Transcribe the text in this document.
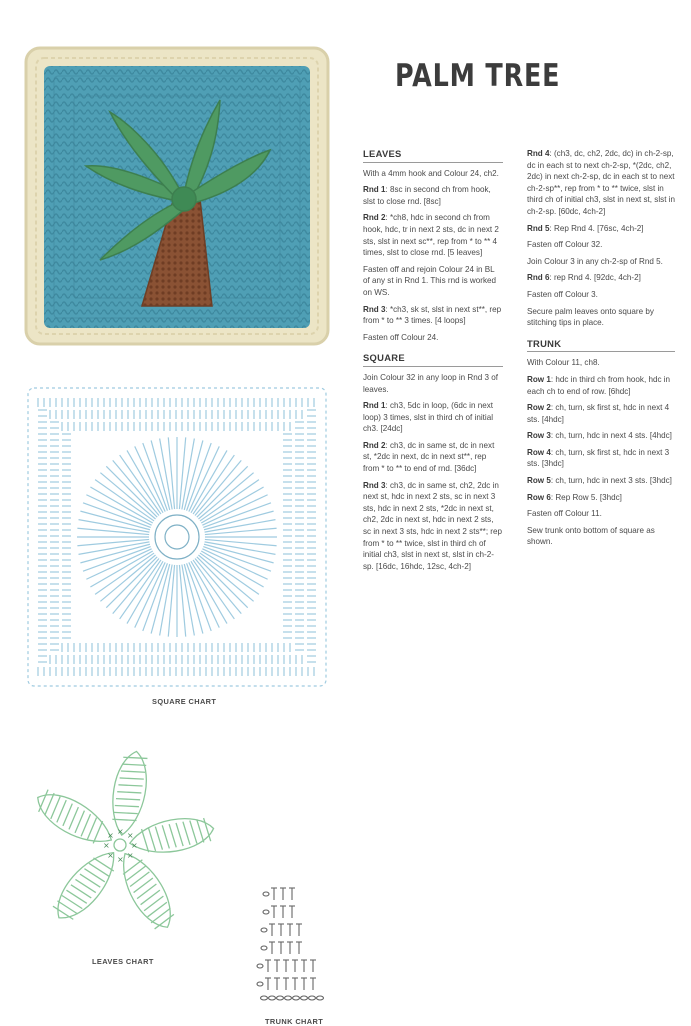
PALM TREE
SQUARE CHART
×
×
×
×
×
× × ×
LEAVES CHART
TRUNK CHART
LEAVES
With a 4mm hook and Colour 24, ch2.
Rnd 1: 8sc in second ch from hook, slst to close rnd. [8sc]
Rnd 2: *ch8, hdc in second ch from hook, hdc, tr in next 2 sts, dc in next 2 sts, slst in next sc**, rep from * to ** 4 times, slst to close rnd. [5 leaves]
Fasten off and rejoin Colour 24 in BL of any st in Rnd 1. This rnd is worked on WS.
Rnd 3: *ch3, sk st, slst in next st**, rep from * to ** 3 times. [4 loops]
Fasten off Colour 24.
SQUARE
Join Colour 32 in any loop in Rnd 3 of leaves.
Rnd 1: ch3, 5dc in loop, (6dc in next loop) 3 times, slst in third ch of initial ch3. [24dc]
Rnd 2: ch3, dc in same st, dc in next st, *2dc in next, dc in next st**, rep from * to ** to end of rnd. [36dc]
Rnd 3: ch3, dc in same st, ch2, 2dc in next st, hdc in next 2 sts, sc in next 3 sts, hdc in next 2 sts, *2dc in next st, ch2, 2dc in next st, hdc in next 2 sts, sc in next 3 sts, hdc in next 2 sts**; rep from * to ** twice, slst in third ch of initial ch3, slst in next st, slst in ch-2-sp. [16dc, 16hdc, 12sc, 4ch-2]
Rnd 4: (ch3, dc, ch2, 2dc, dc) in ch-2-sp, dc in each st to next ch-2-sp, *(2dc, ch2, 2dc) in next ch-2-sp, dc in each st to next ch-2-sp**, rep from * to ** twice, slst in third ch of initial ch3, slst in next st, slst in ch-2-sp. [60dc, 4ch-2]
Rnd 5: Rep Rnd 4. [76sc, 4ch-2]
Fasten off Colour 32.
Join Colour 3 in any ch-2-sp of Rnd 5.
Rnd 6: rep Rnd 4. [92dc, 4ch-2]
Fasten off Colour 3.
Secure palm leaves onto square by stitching tips in place.
TRUNK
With Colour 11, ch8.
Row 1: hdc in third ch from hook, hdc in each ch to end of row. [6hdc]
Row 2: ch, turn, sk first st, hdc in next 4 sts. [4hdc]
Row 3: ch, turn, hdc in next 4 sts. [4hdc]
Row 4: ch, turn, sk first st, hdc in next 3 sts. [3hdc]
Row 5: ch, turn, hdc in next 3 sts. [3hdc]
Row 6: Rep Row 5. [3hdc]
Fasten off Colour 11.
Sew trunk onto bottom of square as shown.
